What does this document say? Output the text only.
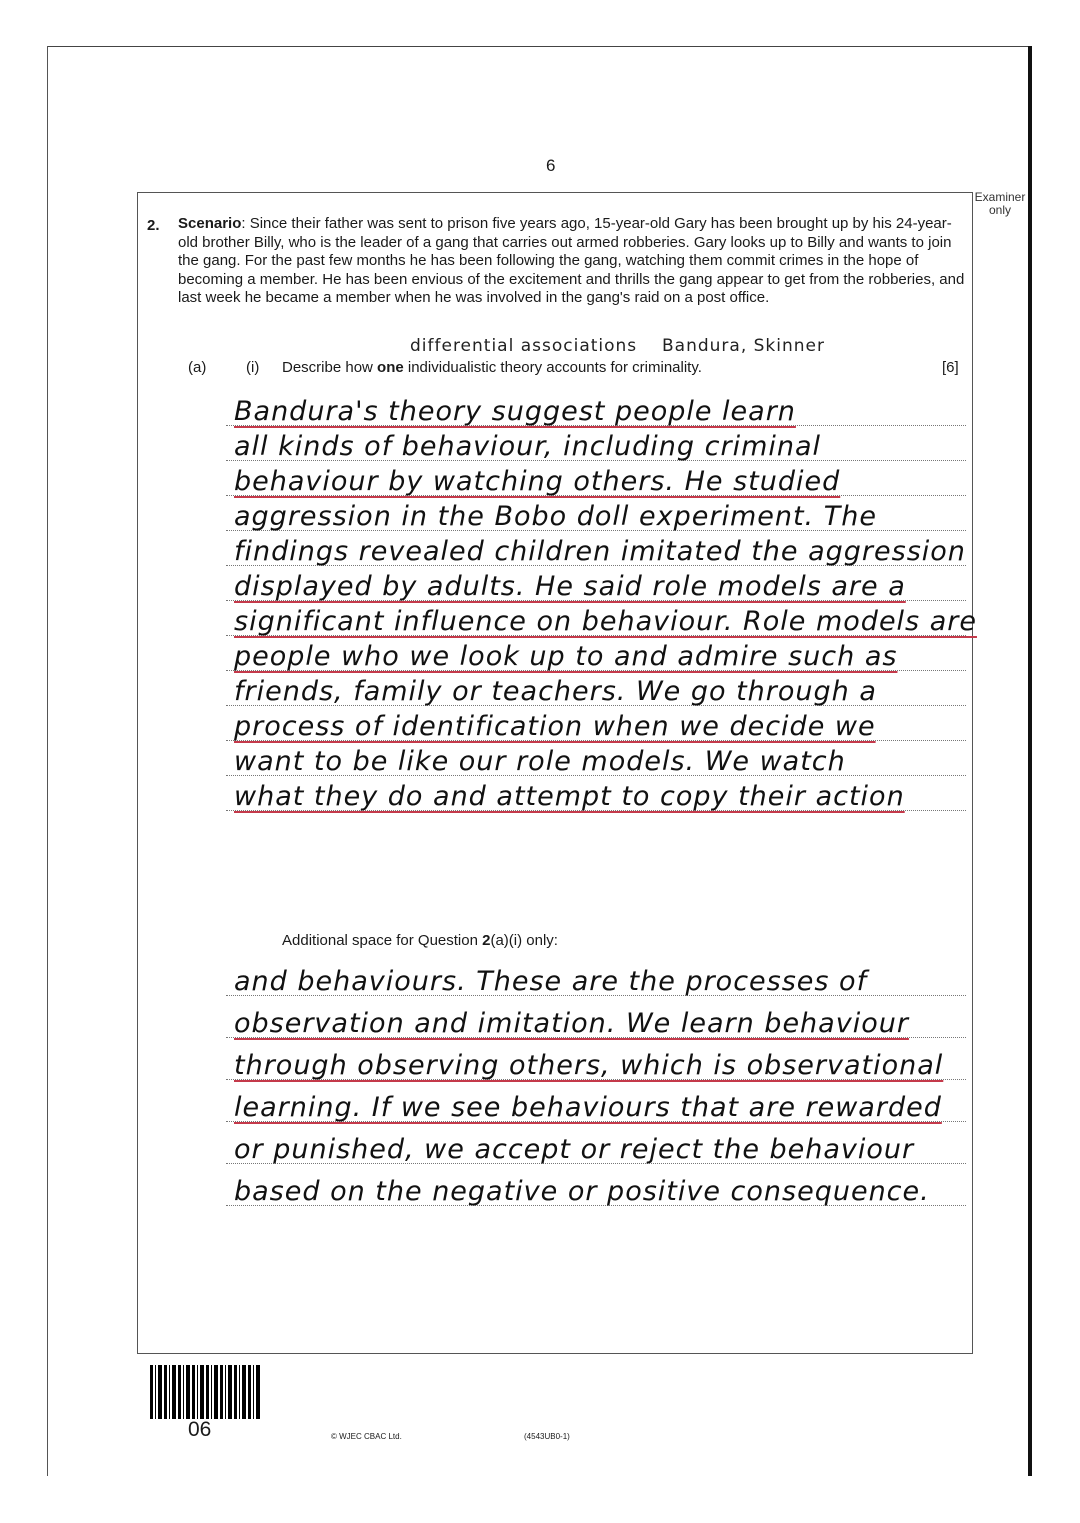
6
Examiner only
2. Scenario: Since their father was sent to prison five years ago, 15-year-old Gary has been brought up by his 24-year-old brother Billy, who is the leader of a gang that carries out armed robberies. Gary looks up to Billy and wants to join the gang. For the past few months he has been following the gang, watching them commit crimes in the hope of becoming a member. He has been envious of the excitement and thrills the gang appear to get from the robberies, and last week he became a member when he was involved in the gang's raid on a post office.
differential associations Bandura, Skinner
(a)	(i) Describe how one individualistic theory accounts for criminality.	[6]
Bandura's theory suggest people learn
all kinds of behaviour, including criminal
behaviour by watching others. He studied
aggression in the Bobo doll experiment. The
findings revealed children imitated the aggression
displayed by adults. He said role models are a
significant influence on behaviour. Role models are
people who we look up to and admire such as
friends, family or teachers. We go through a
process of identification when we decide we
want to be like our role models. We watch
what they do and attempt to copy their action
Additional space for Question 2(a)(i) only:
and behaviours. These are the processes of
observation and imitation. We learn behaviour
through observing others, which is observational
learning. If we see behaviours that are rewarded
or punished, we accept or reject the behaviour
based on the negative or positive consequence.
06	© WJEC CBAC Ltd.	(4543UB0-1)
